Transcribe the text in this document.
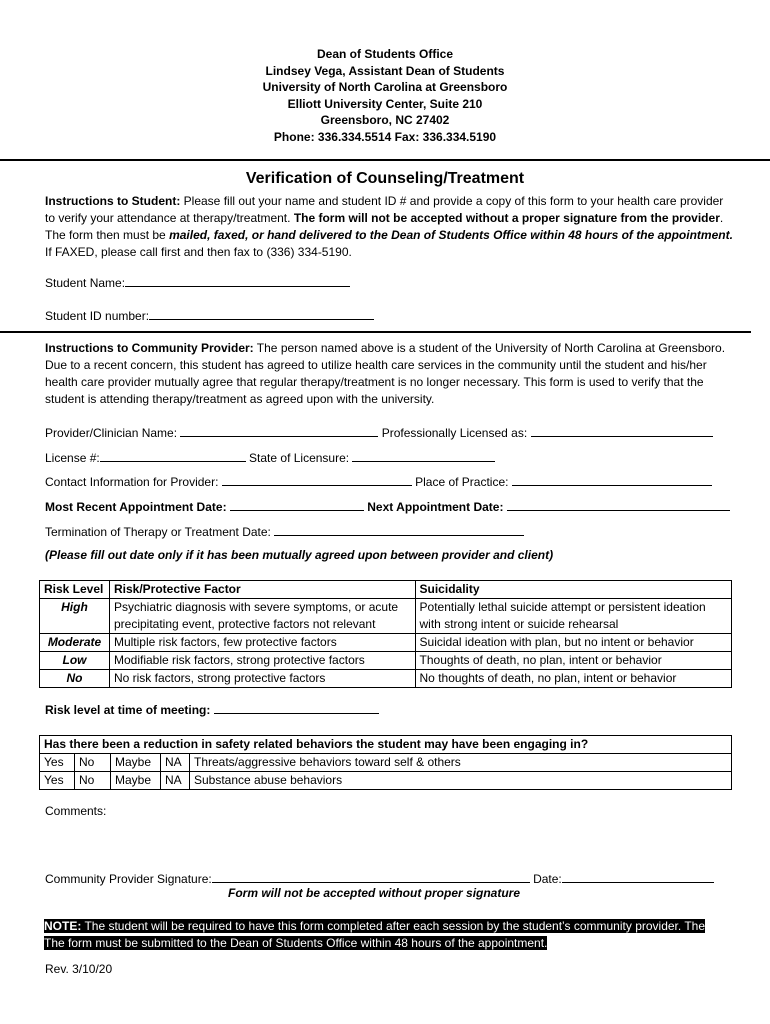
Dean of Students Office
Lindsey Vega, Assistant Dean of Students
University of North Carolina at Greensboro
Elliott University Center, Suite 210
Greensboro, NC 27402
Phone: 336.334.5514 Fax: 336.334.5190
Verification of Counseling/Treatment
Instructions to Student: Please fill out your name and student ID # and provide a copy of this form to your health care provider to verify your attendance at therapy/treatment. The form will not be accepted without a proper signature from the provider. The form then must be mailed, faxed, or hand delivered to the Dean of Students Office within 48 hours of the appointment. If FAXED, please call first and then fax to (336) 334-5190.
Student Name:
Student ID number:
Instructions to Community Provider: The person named above is a student of the University of North Carolina at Greensboro. Due to a recent concern, this student has agreed to utilize health care services in the community until the student and his/her health care provider mutually agree that regular therapy/treatment is no longer necessary. This form is used to verify that the student is attending therapy/treatment as agreed upon with the university.
Provider/Clinician Name:	Professionally Licensed as:
License #:	State of Licensure:
Contact Information for Provider:	Place of Practice:
Most Recent Appointment Date:	Next Appointment Date:
Termination of Therapy or Treatment Date:
(Please fill out date only if it has been mutually agreed upon between provider and client)
Risk Level	Risk/Protective Factor	Suicidality
High	Psychiatric diagnosis with severe symptoms, or acute precipitating event, protective factors not relevant	Potentially lethal suicide attempt or persistent ideation with strong intent or suicide rehearsal
Moderate	Multiple risk factors, few protective factors	Suicidal ideation with plan, but no intent or behavior
Low	Modifiable risk factors, strong protective factors	Thoughts of death, no plan, intent or behavior
No	No risk factors, strong protective factors	No thoughts of death, no plan, intent or behavior
Risk level at time of meeting:
Has there been a reduction in safety related behaviors the student may have been engaging in?				
Yes	No	Maybe	NA	Threats/aggressive behaviors toward self & others
Yes	No	Maybe	NA	Substance abuse behaviors
Comments:
Community Provider Signature:	Date:
Form will not be accepted without proper signature
NOTE: The student will be required to have this form completed after each session by the student’s community provider. The
The form must be submitted to the Dean of Students Office within 48 hours of the appointment.
Rev. 3/10/20
